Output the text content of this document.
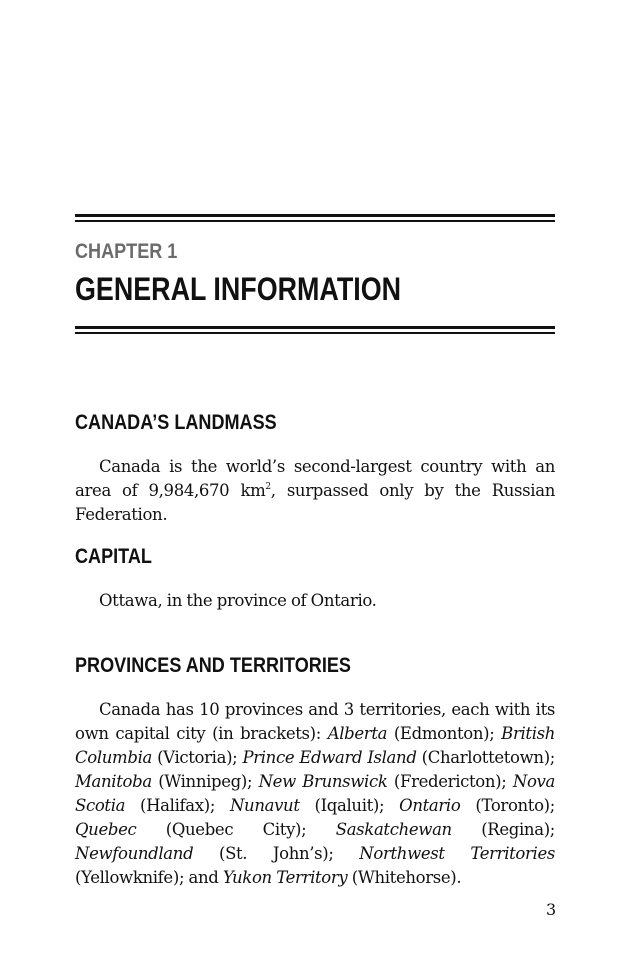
CHAPTER 1
GENERAL INFORMATION
CANADA’S LANDMASS
Canada is the world’s second-largest country with an area of 9,984,670 $km^2$, surpassed only by the Russian Federation.
CAPITAL
Ottawa, in the province of Ontario.
PROVINCES AND TERRITORIES
Canada has 10 provinces and 3 territories, each with its own capital city (in brackets): Alberta (Edmonton); British Columbia (Victoria); Prince Edward Island (Charlottetown); Manitoba (Winnipeg); New Brunswick (Fredericton); Nova Scotia (Halifax); Nunavut (Iqaluit); Ontario (Toronto); Quebec (Quebec City); Saskatchewan (Regina); Newfoundland (St. John’s); Northwest Territories (Yellowknife); and Yukon Territory (Whitehorse).
3
